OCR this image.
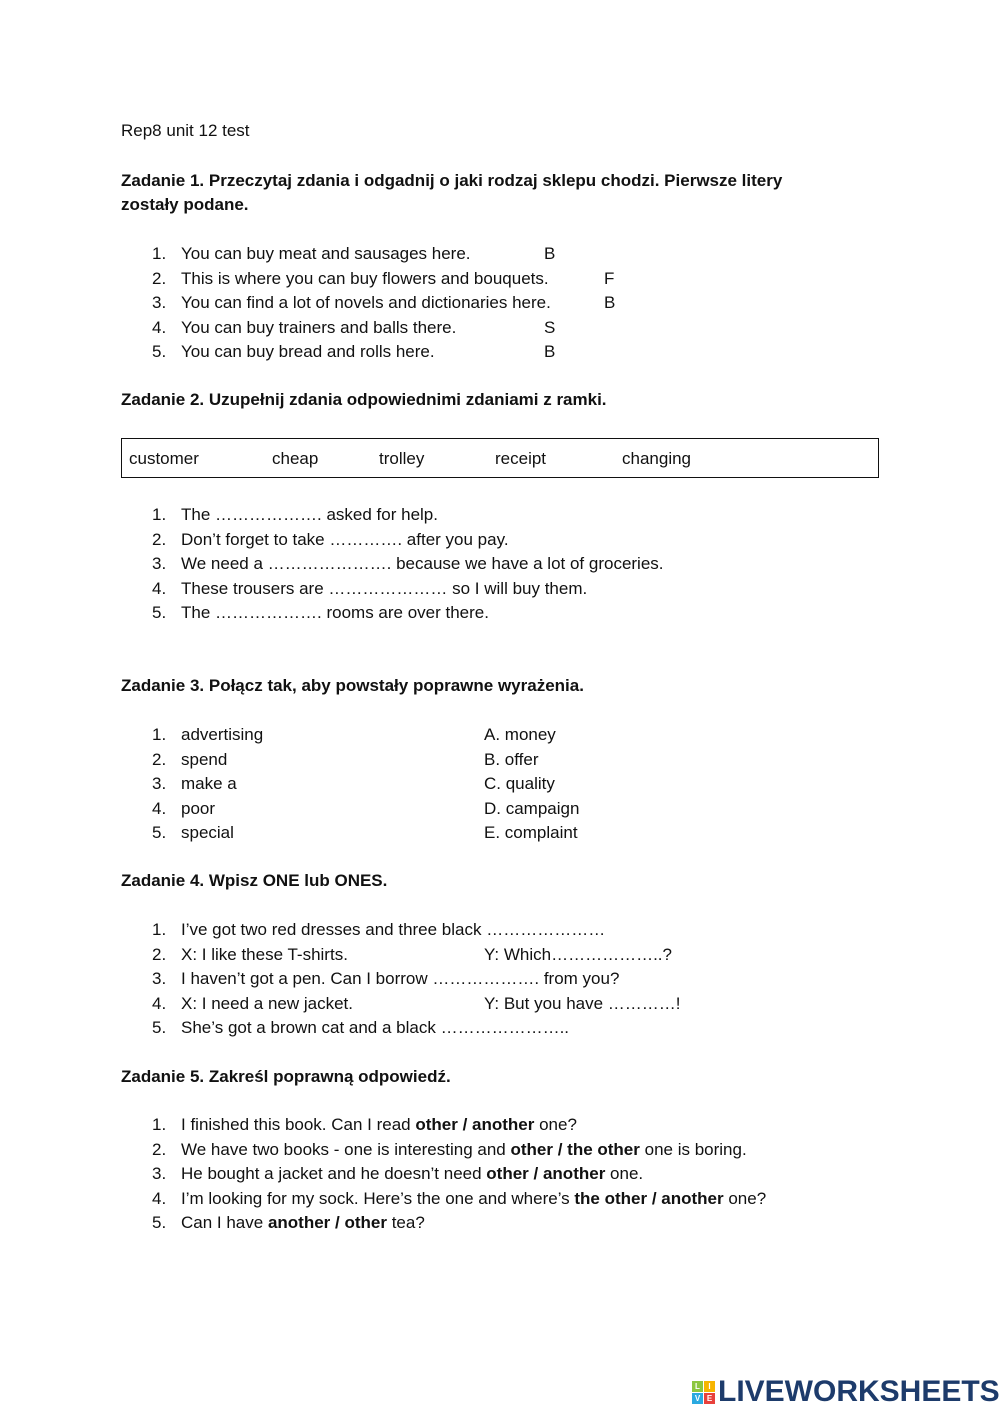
Rep8 unit 12 test
Zadanie 1. Przeczytaj zdania i odgadnij o jaki rodzaj sklepu chodzi. Pierwsze litery
zostały podane.
1. You can buy meat and sausages here.	B
2. This is where you can buy flowers and bouquets.	F
3. You can find a lot of novels and dictionaries here.	B
4. You can buy trainers and balls there.	S
5. You can buy bread and rolls here.	B
Zadanie 2. Uzupełnij zdania odpowiednimi zdaniami z ramki.
1. The ………………. asked for help.
2. Don’t forget to take …………. after you pay.
3. We need a …………………. because we have a lot of groceries.
4. These trousers are ………………… so I will buy them.
5. The ………………. rooms are over there.
Zadanie 3. Połącz tak, aby powstały poprawne wyrażenia.
1. advertising	A. money
2. spend	B. offer
3. make a	C. quality
4. poor	D. campaign
5. special	E. complaint
Zadanie 4. Wpisz ONE lub ONES.
1. I’ve got two red dresses and three black …………………
2. X: I like these T-shirts.	Y: Which………………..?
3. I haven’t got a pen. Can I borrow ………………. from you?
4. X: I need a new jacket.	Y: But you have …………!
5. She’s got a brown cat and a black …………………..
Zadanie 5. Zakreśl poprawną odpowiedź.
1. I finished this book. Can I read other / another one?
2. We have two books - one is interesting and other / the other one is boring.
3. He bought a jacket and he doesn’t need other / another one.
4. I’m looking for my sock. Here’s the one and where’s the other / another one?
5. Can I have another / other tea?
L	I
V E LIVEWORKSHEETS
customer	cheap	trolley	receipt	changing
